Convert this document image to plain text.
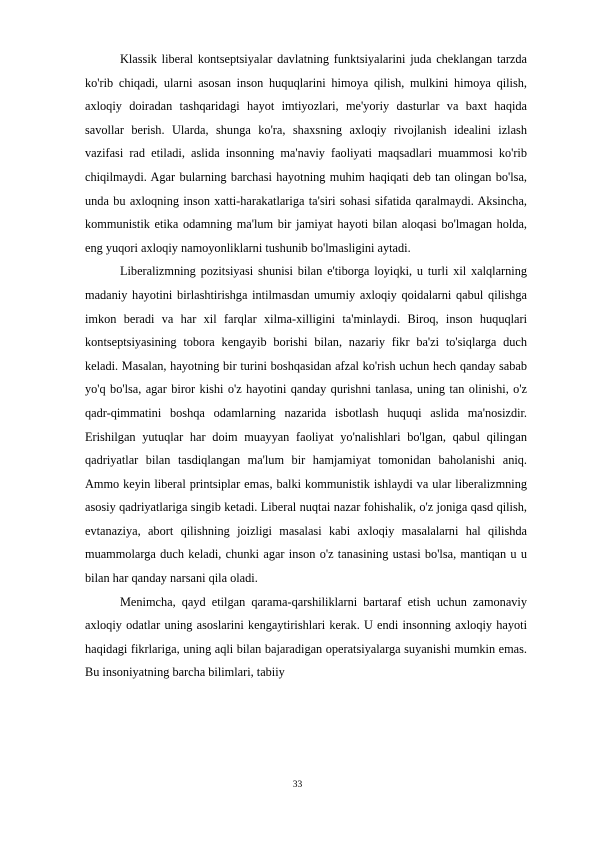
Klassik liberal kontseptsiyalar davlatning funktsiyalarini juda cheklangan tarzda ko'rib chiqadi, ularni asosan inson huquqlarini himoya qilish, mulkini himoya qilish, axloqiy doiradan tashqaridagi hayot imtiyozlari, me'yoriy dasturlar va baxt haqida savollar berish. Ularda, shunga ko'ra, shaxsning axloqiy rivojlanish idealini izlash vazifasi rad etiladi, aslida insonning ma'naviy faoliyati maqsadlari muammosi ko'rib chiqilmaydi. Agar bularning barchasi hayotning muhim haqiqati deb tan olingan bo'lsa, unda bu axloqning inson xatti-harakatlariga ta'siri sohasi sifatida qaralmaydi. Aksincha, kommunistik etika odamning ma'lum bir jamiyat hayoti bilan aloqasi bo'lmagan holda, eng yuqori axloqiy namoyonliklarni tushunib bo'lmasligini aytadi.

Liberalizmning pozitsiyasi shunisi bilan e'tiborga loyiqki, u turli xil xalqlarning madaniy hayotini birlashtirishga intilmasdan umumiy axloqiy qoidalarni qabul qilishga imkon beradi va har xil farqlar xilma-xilligini ta'minlaydi. Biroq, inson huquqlari kontseptsiyasining tobora kengayib borishi bilan, nazariy fikr ba'zi to'siqlarga duch keladi. Masalan, hayotning bir turini boshqasidan afzal ko'rish uchun hech qanday sabab yo'q bo'lsa, agar biror kishi o'z hayotini qanday qurishni tanlasa, uning tan olinishi, o'z qadr-qimmatini boshqa odamlarning nazarida isbotlash huquqi aslida ma'nosizdir. Erishilgan yutuqlar har doim muayyan faoliyat yo'nalishlari bo'lgan, qabul qilingan qadriyatlar bilan tasdiqlangan ma'lum bir hamjamiyat tomonidan baholanishi aniq. Ammo keyin liberal printsiplar emas, balki kommunistik ishlaydi va ular liberalizmning asosiy qadriyatlariga singib ketadi. Liberal nuqtai nazar fohishalik, o'z joniga qasd qilish, evtanaziya, abort qilishning joizligi masalasi kabi axloqiy masalalarni hal qilishda muammolarga duch keladi, chunki agar inson o'z tanasining ustasi bo'lsa, mantiqan u u bilan har qanday narsani qila oladi.

Menimcha, qayd etilgan qarama-qarshiliklarni bartaraf etish uchun zamonaviy axloqiy odatlar uning asoslarini kengaytirishlari kerak. U endi insonning axloqiy hayoti haqidagi fikrlariga, uning aqli bilan bajaradigan operatsiyalarga suyanishi mumkin emas. Bu insoniyatning barcha bilimlari, tabiiy

33
